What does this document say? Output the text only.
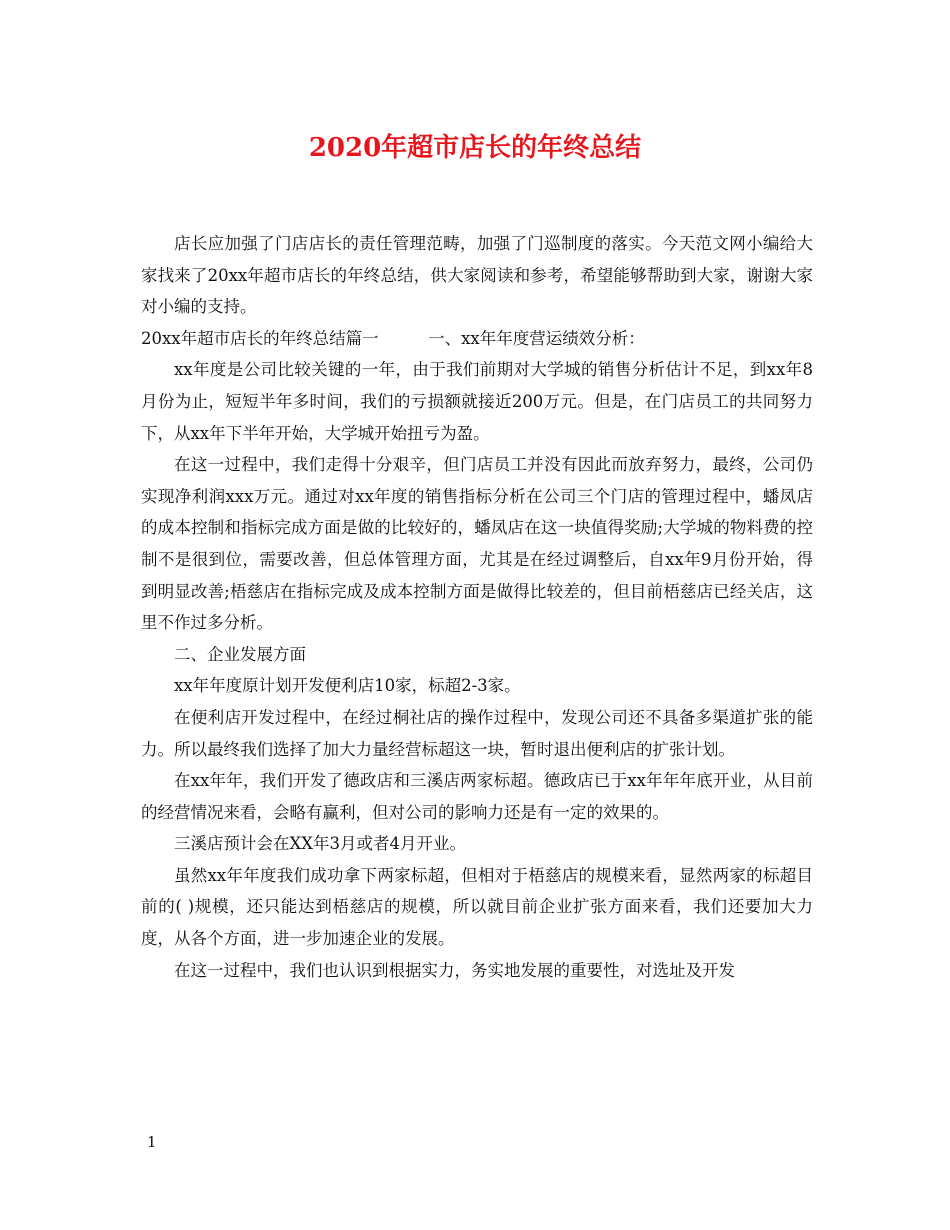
2020年超市店长的年终总结

店长应加强了门店店长的责任管理范畴，加强了门巡制度的落实。今天范文网小编给大家找来了20xx年超市店长的年终总结，供大家阅读和参考，希望能够帮助到大家，谢谢大家对小编的支持。

20xx年超市店长的年终总结篇一　　　一、xx年年度营运绩效分析：

xx年度是公司比较关键的一年，由于我们前期对大学城的销售分析估计不足，到xx年8月份为止，短短半年多时间，我们的亏损额就接近200万元。但是，在门店员工的共同努力下，从xx年下半年开始，大学城开始扭亏为盈。

在这一过程中，我们走得十分艰辛，但门店员工并没有因此而放弃努力，最终，公司仍实现净利润xxx万元。通过对xx年度的销售指标分析在公司三个门店的管理过程中，蟠凤店的成本控制和指标完成方面是做的比较好的，蟠凤店在这一块值得奖励;大学城的物料费的控制不是很到位，需要改善，但总体管理方面，尤其是在经过调整后，自xx年9月份开始，得到明显改善;梧慈店在指标完成及成本控制方面是做得比较差的，但目前梧慈店已经关店，这里不作过多分析。

二、企业发展方面

xx年年度原计划开发便利店10家，标超2-3家。

在便利店开发过程中，在经过桐社店的操作过程中，发现公司还不具备多渠道扩张的能力。所以最终我们选择了加大力量经营标超这一块，暂时退出便利店的扩张计划。

在xx年年，我们开发了德政店和三溪店两家标超。德政店已于xx年年年底开业，从目前的经营情况来看，会略有赢利，但对公司的影响力还是有一定的效果的。

三溪店预计会在XX年3月或者4月开业。

虽然xx年年度我们成功拿下两家标超，但相对于梧慈店的规模来看，显然两家的标超目前的( )规模，还只能达到梧慈店的规模，所以就目前企业扩张方面来看，我们还要加大力度，从各个方面，进一步加速企业的发展。

在这一过程中，我们也认识到根据实力，务实地发展的重要性，对选址及开发

1
